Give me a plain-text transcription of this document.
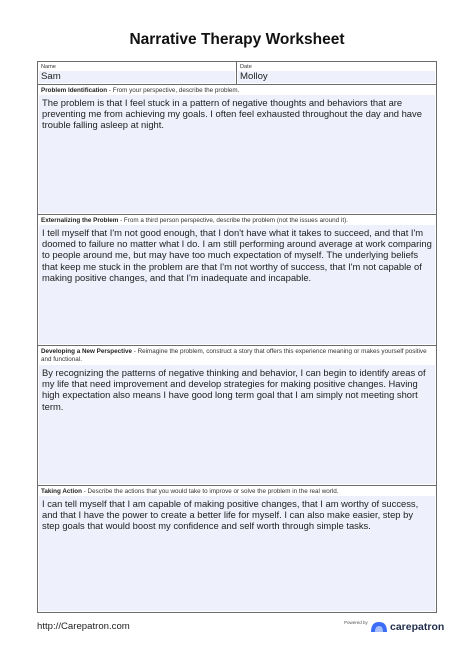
Narrative Therapy Worksheet
Name
Sam
Date
Molloy
Problem Identification - From your perspective, describe the problem.
The problem is that I feel stuck in a pattern of negative thoughts and behaviors that are preventing me from achieving my goals. I often feel exhausted throughout the day and have trouble falling asleep at night.
Externalizing the Problem - From a third person perspective, describe the problem (not the issues around it).
I tell myself that I'm not good enough, that I don't have what it takes to succeed, and that I'm doomed to failure no matter what I do. I am still performing around average at work comparing to people around me, but may have too much expectation of myself. The underlying beliefs that keep me stuck in the problem are that I'm not worthy of success, that I'm not capable of making positive changes, and that I'm inadequate and incapable.
Developing a New Perspective - Reimagine the problem, construct a story that offers this experience meaning or makes yourself positive and functional.
By recognizing the patterns of negative thinking and behavior, I can begin to identify areas of my life that need improvement and develop strategies for making positive changes. Having high expectation also means I have good long term goal that I am simply not meeting short term.
Taking Action - Describe the actions that you would take to improve or solve the problem in the real world.
I can tell myself that I am capable of making positive changes, that I am worthy of success, and that I have the power to create a better life for myself. I can also make easier, step by step goals that would boost my confidence and self worth through simple tasks.
http://Carepatron.com	Powered by carepatron
